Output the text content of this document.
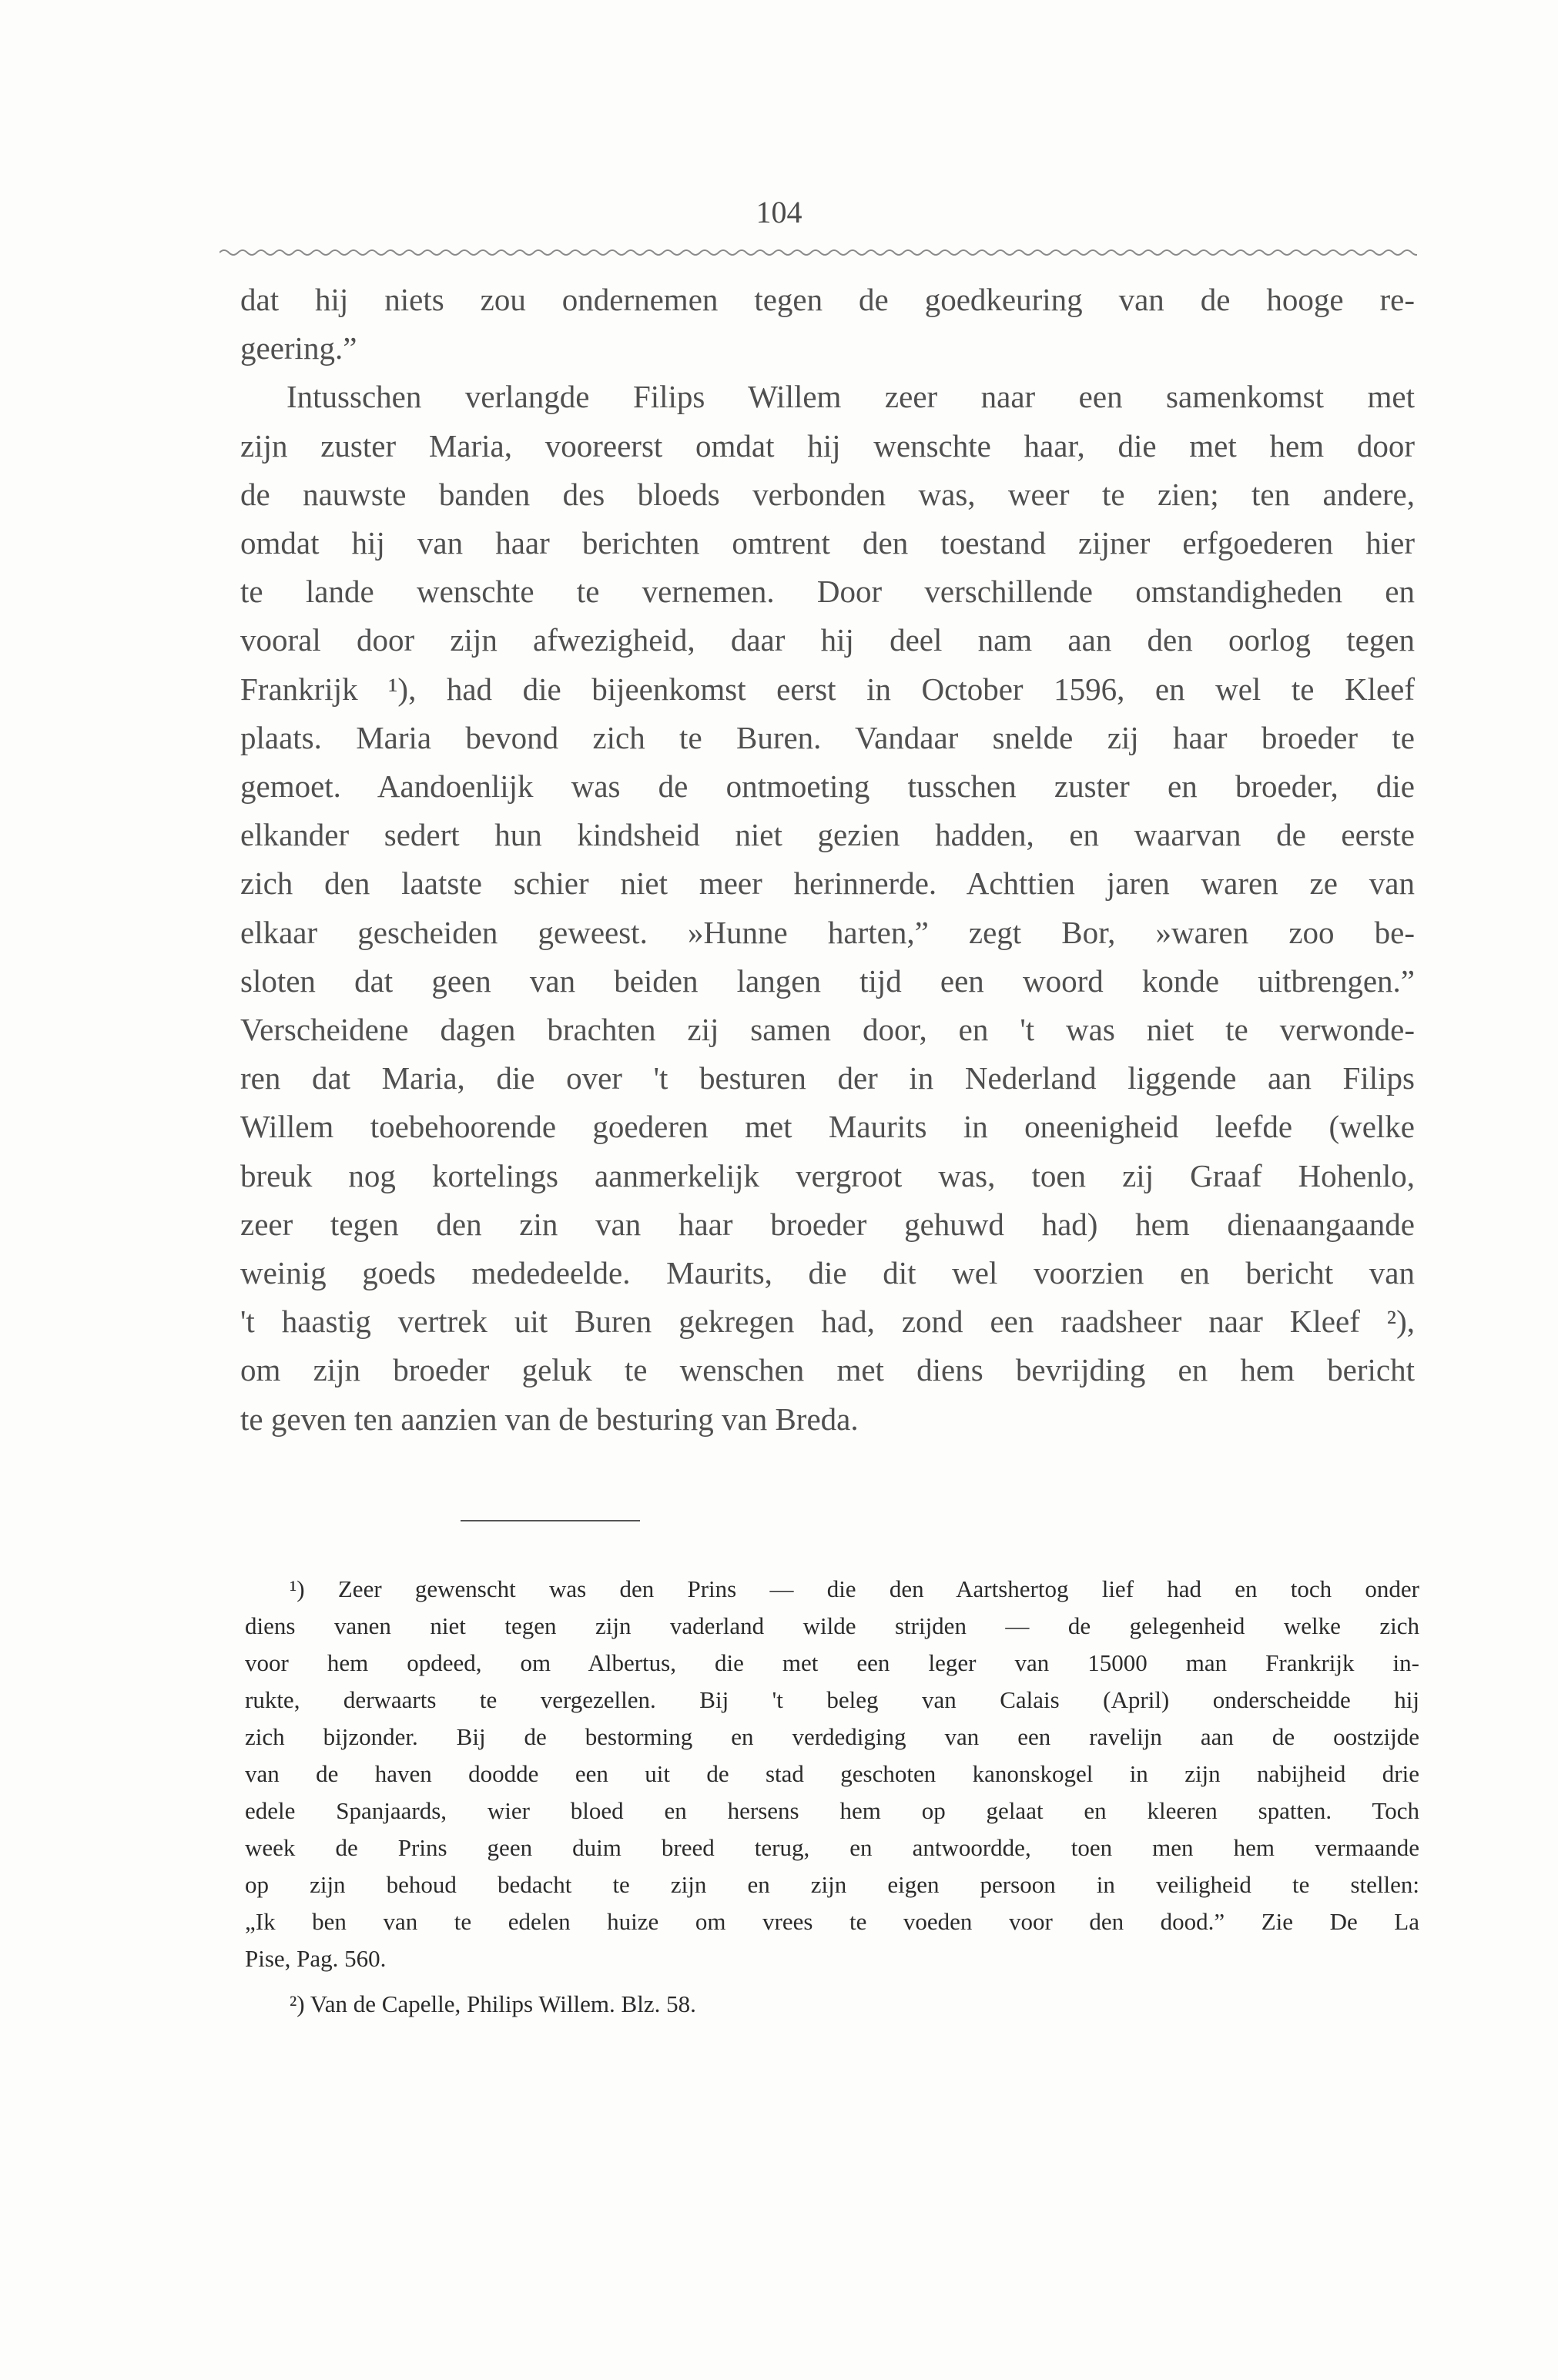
104
dat hij niets zou ondernemen tegen de goedkeuring van de hooge re-
geering.”
Intusschen verlangde Filips Willem zeer naar een samenkomst met
zijn zuster Maria, vooreerst omdat hij wenschte haar, die met hem door
de nauwste banden des bloeds verbonden was, weer te zien; ten andere,
omdat hij van haar berichten omtrent den toestand zijner erfgoederen hier
te lande wenschte te vernemen. Door verschillende omstandigheden en
vooral door zijn afwezigheid, daar hij deel nam aan den oorlog tegen
Frankrijk ¹), had die bijeenkomst eerst in October 1596, en wel te Kleef
plaats. Maria bevond zich te Buren. Vandaar snelde zij haar broeder te
gemoet. Aandoenlijk was de ontmoeting tusschen zuster en broeder, die
elkander sedert hun kindsheid niet gezien hadden, en waarvan de eerste
zich den laatste schier niet meer herinnerde. Achttien jaren waren ze van
elkaar gescheiden geweest. »Hunne harten,” zegt Bor, »waren zoo be-
sloten dat geen van beiden langen tijd een woord konde uitbrengen.”
Verscheidene dagen brachten zij samen door, en 't was niet te verwonde-
ren dat Maria, die over 't besturen der in Nederland liggende aan Filips
Willem toebehoorende goederen met Maurits in oneenigheid leefde (welke
breuk nog kortelings aanmerkelijk vergroot was, toen zij Graaf Hohenlo,
zeer tegen den zin van haar broeder gehuwd had) hem dienaangaande
weinig goeds mededeelde. Maurits, die dit wel voorzien en bericht van
't haastig vertrek uit Buren gekregen had, zond een raadsheer naar Kleef ²),
om zijn broeder geluk te wenschen met diens bevrijding en hem bericht
te geven ten aanzien van de besturing van Breda.
¹) Zeer gewenscht was den Prins — die den Aartshertog lief had en toch onder
diens vanen niet tegen zijn vaderland wilde strijden — de gelegenheid welke zich
voor hem opdeed, om Albertus, die met een leger van 15000 man Frankrijk in-
rukte, derwaarts te vergezellen. Bij 't beleg van Calais (April) onderscheidde hij
zich bijzonder. Bij de bestorming en verdediging van een ravelijn aan de oostzijde
van de haven doodde een uit de stad geschoten kanonskogel in zijn nabijheid drie
edele Spanjaards, wier bloed en hersens hem op gelaat en kleeren spatten. Toch
week de Prins geen duim breed terug, en antwoordde, toen men hem vermaande
op zijn behoud bedacht te zijn en zijn eigen persoon in veiligheid te stellen:
„Ik ben van te edelen huize om vrees te voeden voor den dood.” Zie De La
Pise, Pag. 560.
²) Van de Capelle, Philips Willem. Blz. 58.
